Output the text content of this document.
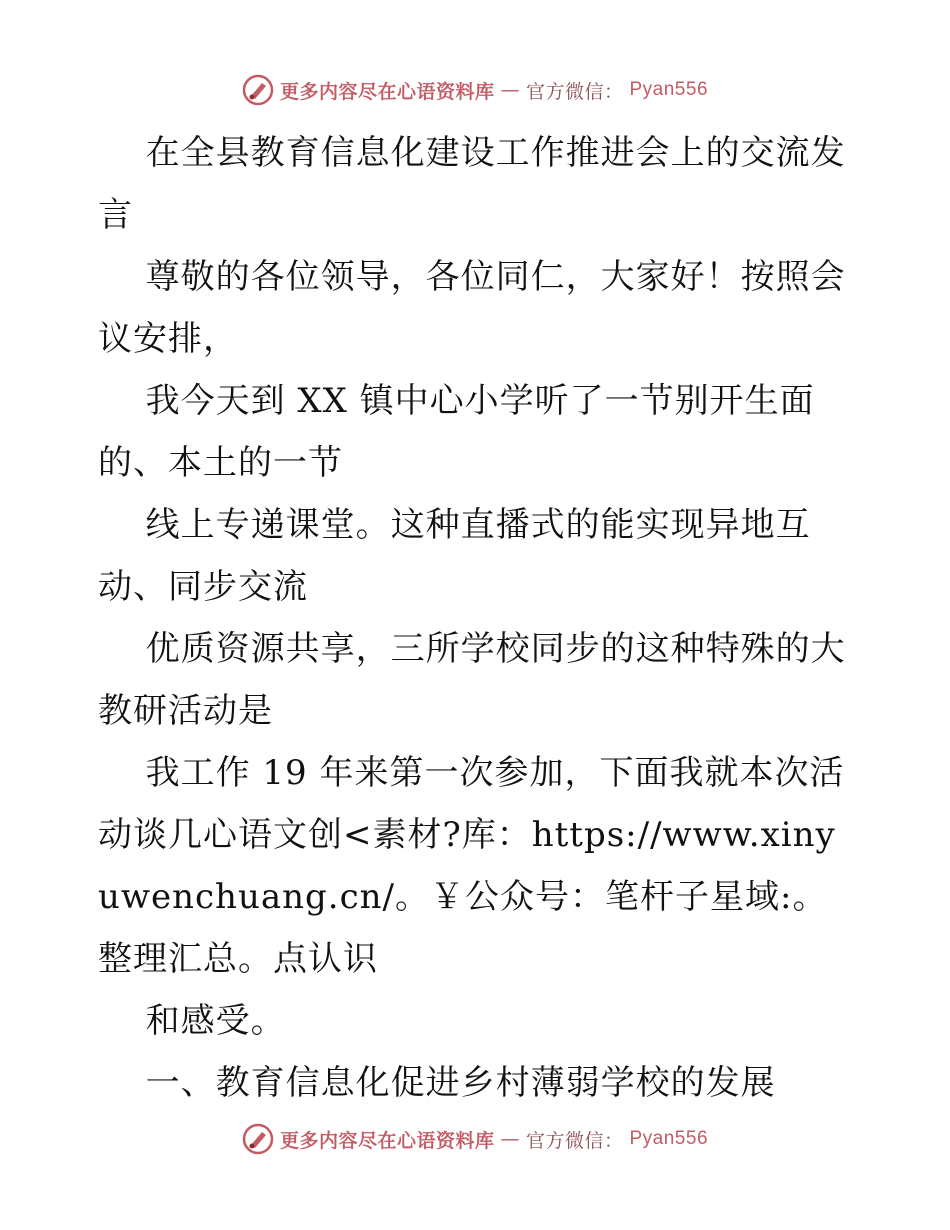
更多内容尽在心语资料库 — 官方微信： Pyan556

在全县教育信息化建设工作推进会上的交流发言

尊敬的各位领导，各位同仁，大家好！按照会议安排，

我今天到 XX 镇中心小学听了一节别开生面的、本土的一节

线上专递课堂。这种直播式的能实现异地互动、同步交流

优质资源共享，三所学校同步的这种特殊的大教研活动是

我工作 19 年来第一次参加，下面我就本次活动谈几心语文创<素材?库：https://www.xinyuwenchuang.cn/。￥公众号：笔杆子星域:。整理汇总。点认识

和感受。

一、教育信息化促进乡村薄弱学校的发展

更多内容尽在心语资料库 — 官方微信： Pyan556
